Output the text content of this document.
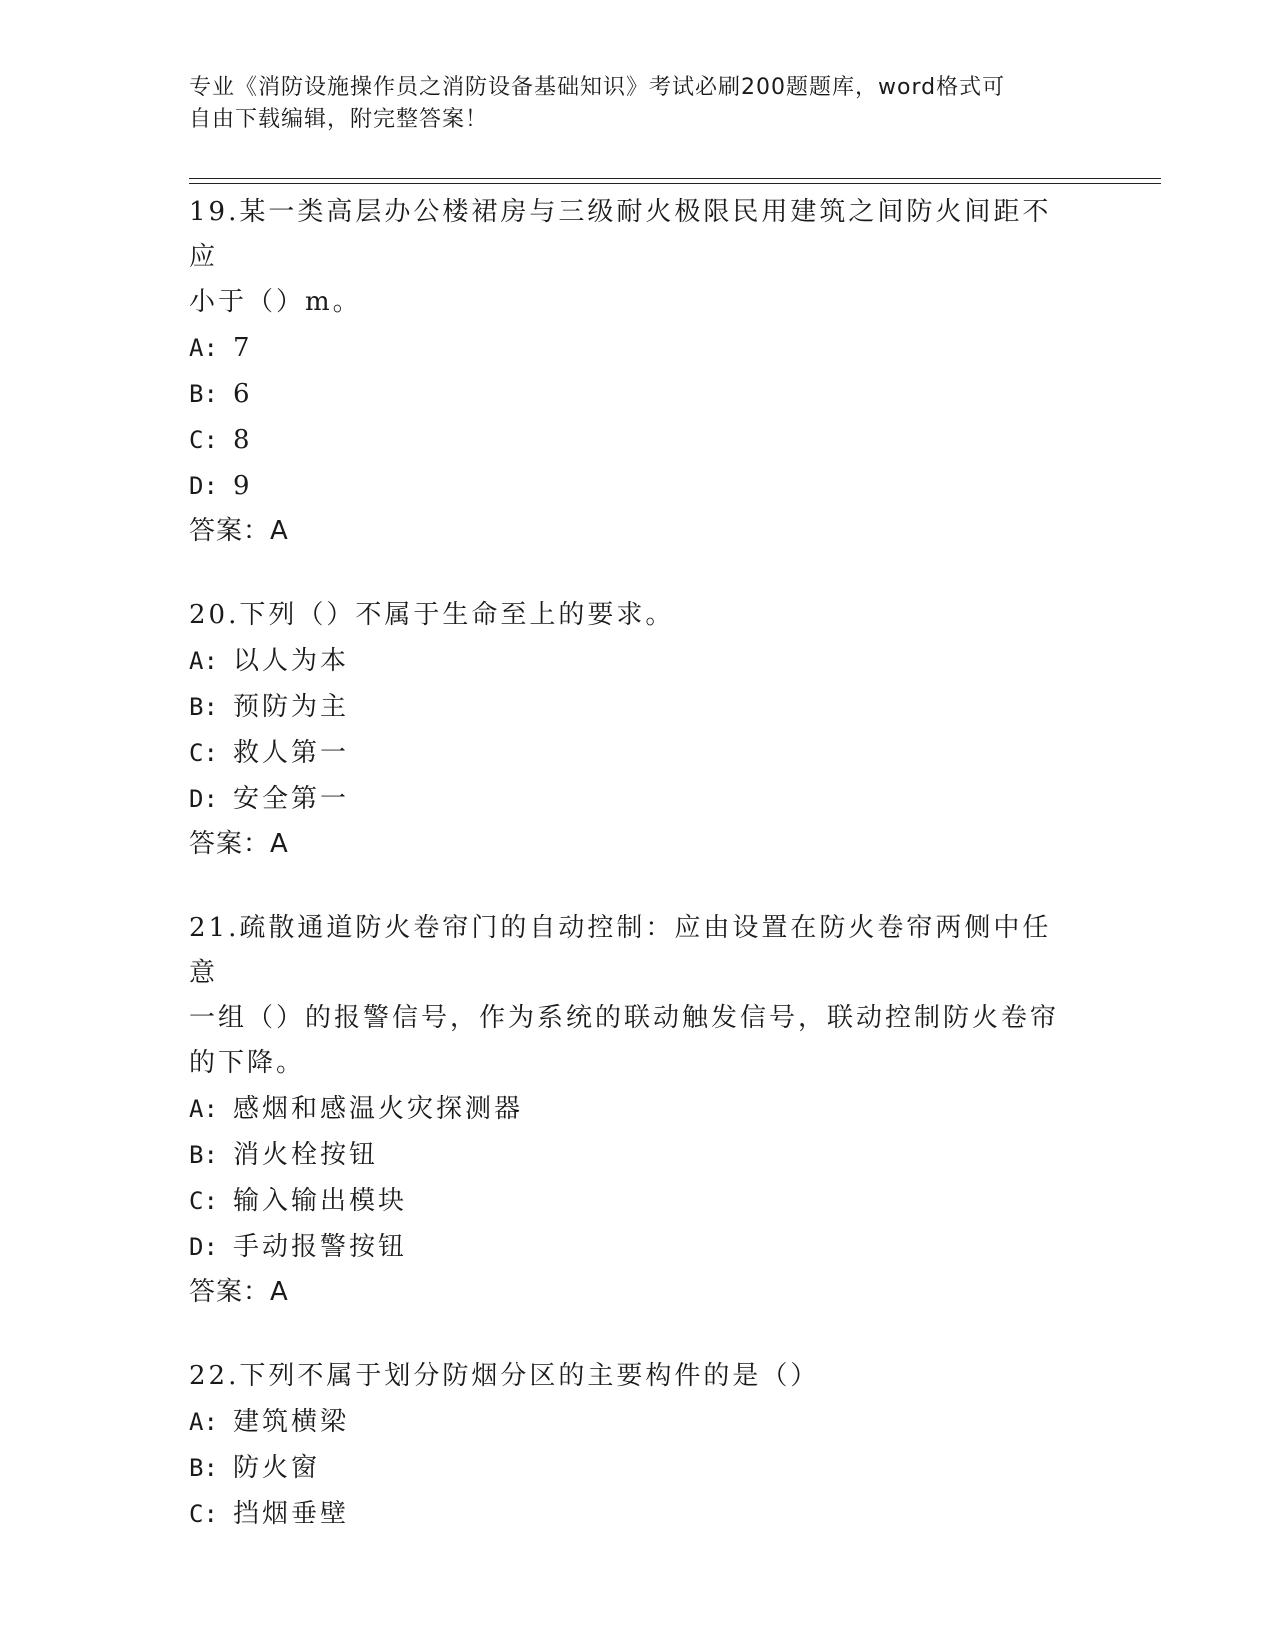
专业《消防设施操作员之消防设备基础知识》考试必刷200题题库，word格式可

自由下载编辑，附完整答案！

19.某一类高层办公楼裙房与三级耐火极限民用建筑之间防火间距不应
小于（）m。

A: 7

B: 6

C: 8

D: 9

答案：A

20.下列（）不属于生命至上的要求。

A: 以人为本

B: 预防为主

C: 救人第一

D: 安全第一

答案：A

21.疏散通道防火卷帘门的自动控制：应由设置在防火卷帘两侧中任意
一组（）的报警信号，作为系统的联动触发信号，联动控制防火卷帘
的下降。

A: 感烟和感温火灾探测器

B: 消火栓按钮

C: 输入输出模块

D: 手动报警按钮

答案：A

22.下列不属于划分防烟分区的主要构件的是（）

A: 建筑横梁

B: 防火窗

C: 挡烟垂壁
